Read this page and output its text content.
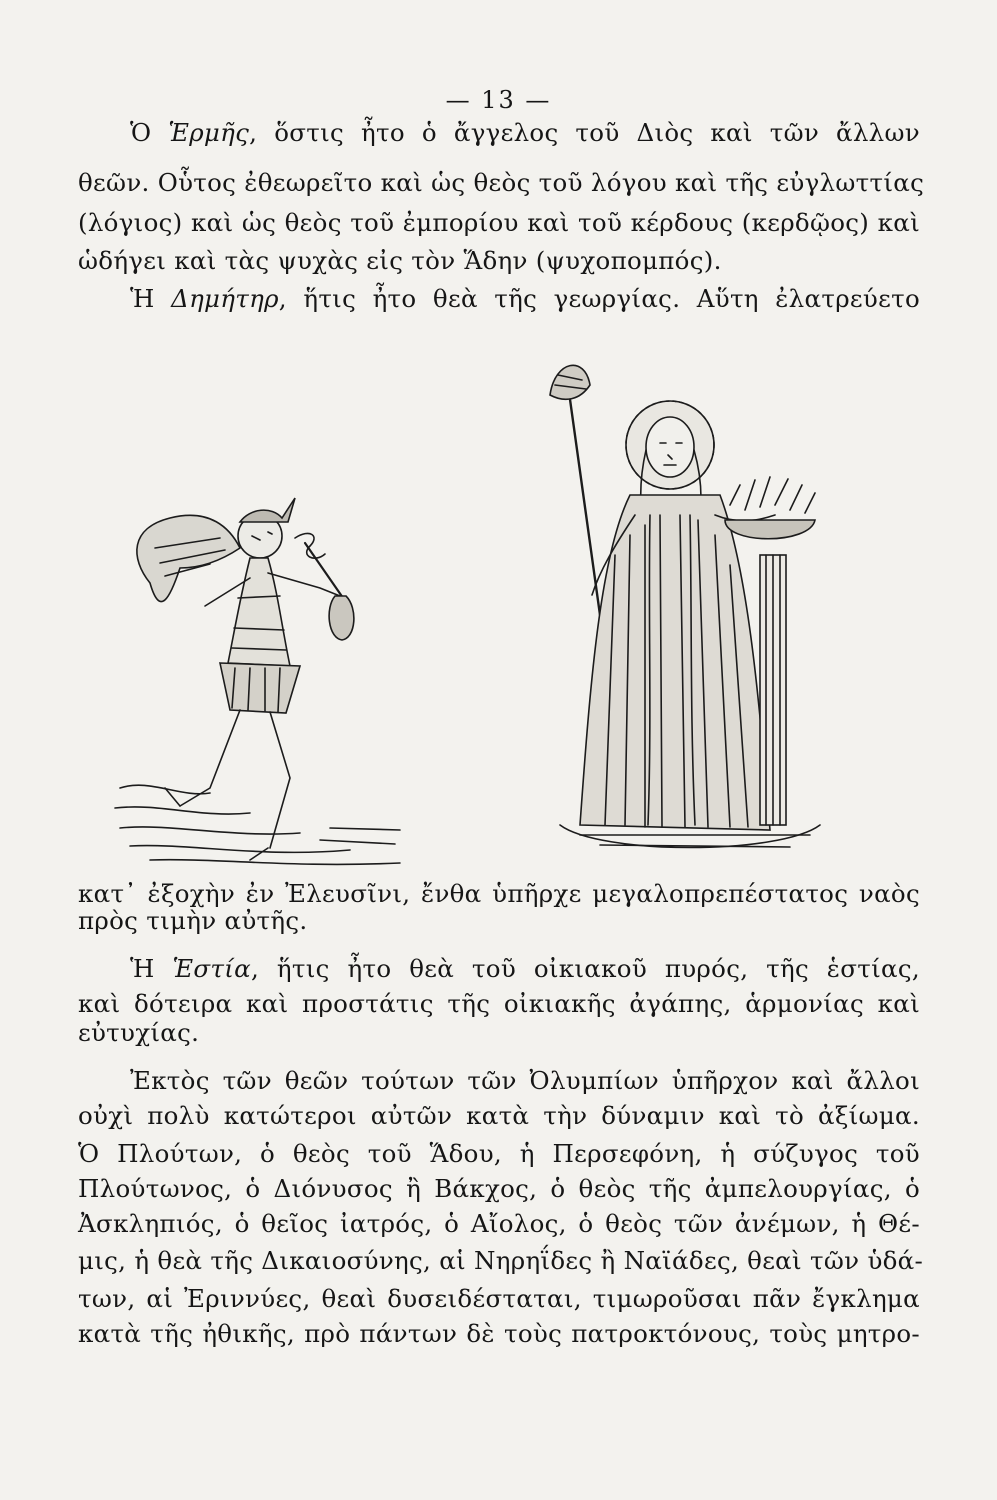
— 13 —
Ὁ Ἑρμῆς, ὅστις ἦτο ὁ ἄγγελος τοῦ Διὸς καὶ τῶν ἄλλων
θεῶν. Οὗτος ἐθεωρεῖτο καὶ ὡς θεὸς τοῦ λόγου καὶ τῆς εὐγλωττίας
(λόγιος) καὶ ὡς θεὸς τοῦ ἐμπορίου καὶ τοῦ κέρδους (κερδῷος) καὶ
ὡδήγει καὶ τὰς ψυχὰς εἰς τὸν Ἅδην (ψυχοπομπός).
Ἡ Δημήτηρ, ἥτις ἦτο θεὰ τῆς γεωργίας. Αὕτη ἐλατρεύετο
κατ᾽ ἐξοχὴν ἐν Ἐλευσῖνι, ἔνθα ὑπῆρχε μεγαλοπρεπέστατος ναὸς
πρὸς τιμὴν αὐτῆς.
Ἡ Ἑστία, ἥτις ἦτο θεὰ τοῦ οἰκιακοῦ πυρός, τῆς ἑστίας,
καὶ δότειρα καὶ προστάτις τῆς οἰκιακῆς ἀγάπης, ἁρμονίας καὶ
εὐτυχίας.
Ἐκτὸς τῶν θεῶν τούτων τῶν Ὀλυμπίων ὑπῆρχον καὶ ἄλλοι
οὐχὶ πολὺ κατώτεροι αὐτῶν κατὰ τὴν δύναμιν καὶ τὸ ἀξίωμα.
Ὁ Πλούτων, ὁ θεὸς τοῦ Ἅδου, ἡ Περσεφόνη, ἡ σύζυγος τοῦ
Πλούτωνος, ὁ Διόνυσος ἢ Βάκχος, ὁ θεὸς τῆς ἀμπελουργίας, ὁ
Ἀσκληπιός, ὁ θεῖος ἰατρός, ὁ Αἴολος, ὁ θεὸς τῶν ἀνέμων, ἡ Θέ-
μις, ἡ θεὰ τῆς Δικαιοσύνης, αἱ Νηρηΐδες ἢ Ναϊάδες, θεαὶ τῶν ὑδά-
των, αἱ Ἐριννύες, θεαὶ δυσειδέσταται, τιμωροῦσαι πᾶν ἔγκλημα
κατὰ τῆς ἠθικῆς, πρὸ πάντων δὲ τοὺς πατροκτόνους, τοὺς μητρο-
